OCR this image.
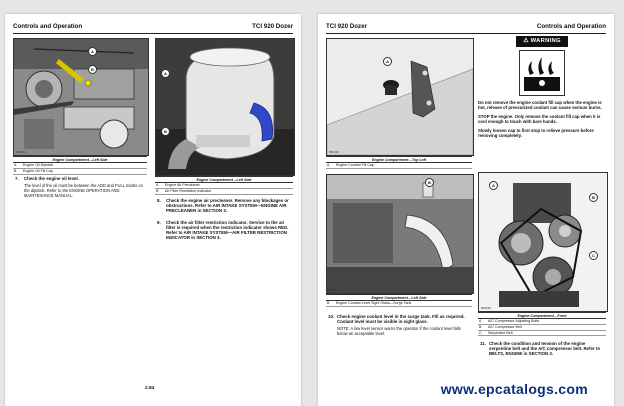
Controls and Operation	TCI 920 Dozer
A
B
860014
Engine Compartment—Left Side
A	Engine Oil Dipstick
B	Engine Oil Fill Cap
A
B
860015
Engine Compartment—Left Side
A	Engine Air Precleaner
B	Air Filter Restriction Indicator
7.	Check the engine oil level.
The level of the oil must be between the ADD and FULL marks on the dipstick. Refer to the ENGINE OPERATION AND MAINTENANCE MANUAL.
8.	Check the engine air precleaner. Remove any blockages or obstructions. Refer to AIR INTAKE SYSTEM—ENGINE AIR PRECLEANER in SECTION 3.
9.	Check the air filter restriction indicator. Service to the air filter is required when the restriction indicator shows RED. Refer to AIR INTAKE SYSTEM—AIR FILTER RESTRICTION INDICATOR in SECTION 3.
2.84
TCI 920 Dozer	Controls and Operation
A
860016
Engine Compartment—Top Left
A	Engine Coolant Fill Cap
B
860017
Engine Compartment—Left Side
B	Engine Coolant Level Sight Glass—Surge Tank
10. Check engine coolant level in the surge tank. Fill as required. Coolant level must be visible in sight glass.
NOTE: A low level sensor warns the operator if the coolant level falls below an acceptable level.
⚠ WARNING

Do not remove the engine coolant fill cap when the engine is hot, release of pressurized coolant can cause serious burns.

STOP the engine. Only remove the coolant fill cap when it is cool enough to touch with bare hands.

Slowly loosen cap to first stop to relieve pressure before removing completely.

A
B
C
860018
Engine Compartment—Front
A	A/C Compressor Adjusting Bolts
B	A/C Compressor Belt
C	Serpentine Belt
11. Check the condition and tension of the engine serpentine belt and the A/C compressor belt. Refer to BELTS, ENGINE in SECTION 3.
www.epcatalogs.com
